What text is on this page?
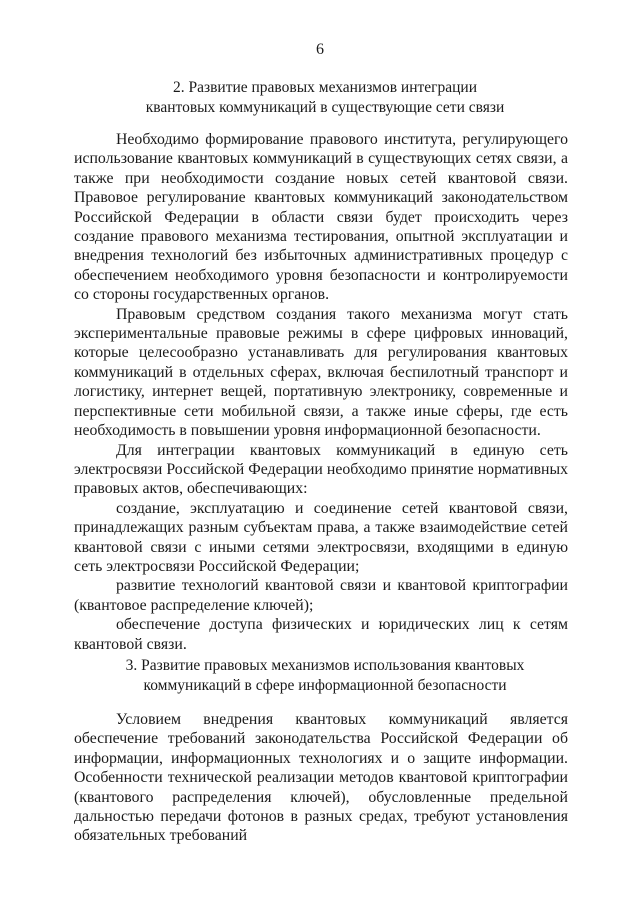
6
2. Развитие правовых механизмов интеграции
квантовых коммуникаций в существующие сети связи

Необходимо формирование правового института, регулирующего использование квантовых коммуникаций в существующих сетях связи, а также при необходимости создание новых сетей квантовой связи. Правовое регулирование квантовых коммуникаций законодательством Российской Федерации в области связи будет происходить через создание правового механизма тестирования, опытной эксплуатации и внедрения технологий без избыточных административных процедур с обеспечением необходимого уровня безопасности и контролируемости со стороны государственных органов.

Правовым средством создания такого механизма могут стать экспериментальные правовые режимы в сфере цифровых инноваций, которые целесообразно устанавливать для регулирования квантовых коммуникаций в отдельных сферах, включая беспилотный транспорт и логистику, интернет вещей, портативную электронику, современные и перспективные сети мобильной связи, а также иные сферы, где есть необходимость в повышении уровня информационной безопасности.

Для интеграции квантовых коммуникаций в единую сеть электросвязи Российской Федерации необходимо принятие нормативных правовых актов, обеспечивающих:

создание, эксплуатацию и соединение сетей квантовой связи, принадлежащих разным субъектам права, а также взаимодействие сетей квантовой связи с иными сетями электросвязи, входящими в единую сеть электросвязи Российской Федерации;

развитие технологий квантовой связи и квантовой криптографии (квантовое распределение ключей);

обеспечение доступа физических и юридических лиц к сетям квантовой связи.

3. Развитие правовых механизмов использования квантовых
коммуникаций в сфере информационной безопасности

Условием внедрения квантовых коммуникаций является обеспечение требований законодательства Российской Федерации об информации, информационных технологиях и о защите информации. Особенности технической реализации методов квантовой криптографии (квантового распределения ключей), обусловленные предельной дальностью передачи фотонов в разных средах, требуют установления обязательных требований
